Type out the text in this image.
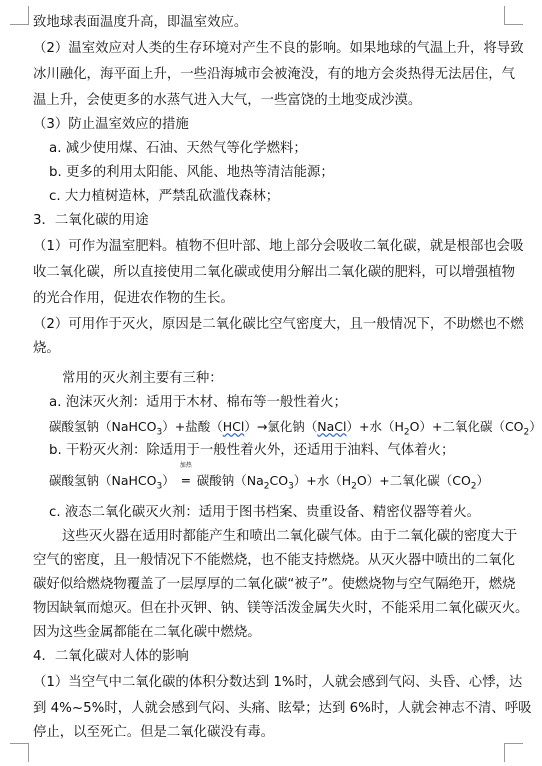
致地球表面温度升高，即温室效应。
（2）温室效应对人类的生存环境对产生不良的影响。如果地球的气温上升，将导致
冰川融化，海平面上升，一些沿海城市会被淹没，有的地方会炎热得无法居住，气
温上升，会使更多的水蒸气进入大气，一些富饶的土地变成沙漠。
（3）防止温室效应的措施
a. 减少使用煤、石油、天然气等化学燃料；
b. 更多的利用太阳能、风能、地热等清洁能源；
c. 大力植树造林，严禁乱砍滥伐森林；
3．二氧化碳的用途
（1）可作为温室肥料。植物不但叶部、地上部分会吸收二氧化碳，就是根部也会吸
收二氧化碳，所以直接使用二氧化碳或使用分解出二氧化碳的肥料，可以增强植物
的光合作用，促进农作物的生长。
（2）可用作于灭火，原因是二氧化碳比空气密度大，且一般情况下，不助燃也不燃
烧。
常用的灭火剂主要有三种：
a. 泡沫灭火剂：适用于木材、棉布等一般性着火；
碳酸氢钠（NaHCO$_3$）+盐酸（HCl）→氯化钠（NaCl）+水$(H_2O)+$二氧化碳$(CO_2)$
b. 干粉灭火剂：除适用于一般性着火外，还适用于油料、气体着火；
碳酸氢钠（NaHCO$_3$）
加热
═ 碳酸钠$(Na_2CO_3)+$水$(H_2O)+$二氧化碳$(CO_2)$
c. 液态二氧化碳灭火剂：适用于图书档案、贵重设备、精密仪器等着火。
这些灭火器在适用时都能产生和喷出二氧化碳气体。由于二氧化碳的密度大于
空气的密度，且一般情况下不能燃烧，也不能支持燃烧。从灭火器中喷出的二氧化
碳好似给燃烧物覆盖了一层厚厚的二氧化碳“被子”。使燃烧物与空气隔绝开，燃烧
物因缺氧而熄灭。但在扑灭钾、钠、镁等活泼金属失火时，不能采用二氧化碳灭火。
因为这些金属都能在二氧化碳中燃烧。
4．二氧化碳对人体的影响
（1）当空气中二氧化碳的体积分数达到 1%时，人就会感到气闷、头昏、心悸，达
到 4%~5%时，人就会感到气闷、头痛、眩晕；达到 6%时，人就会神志不清、呼吸
停止，以至死亡。但是二氧化碳没有毒。
